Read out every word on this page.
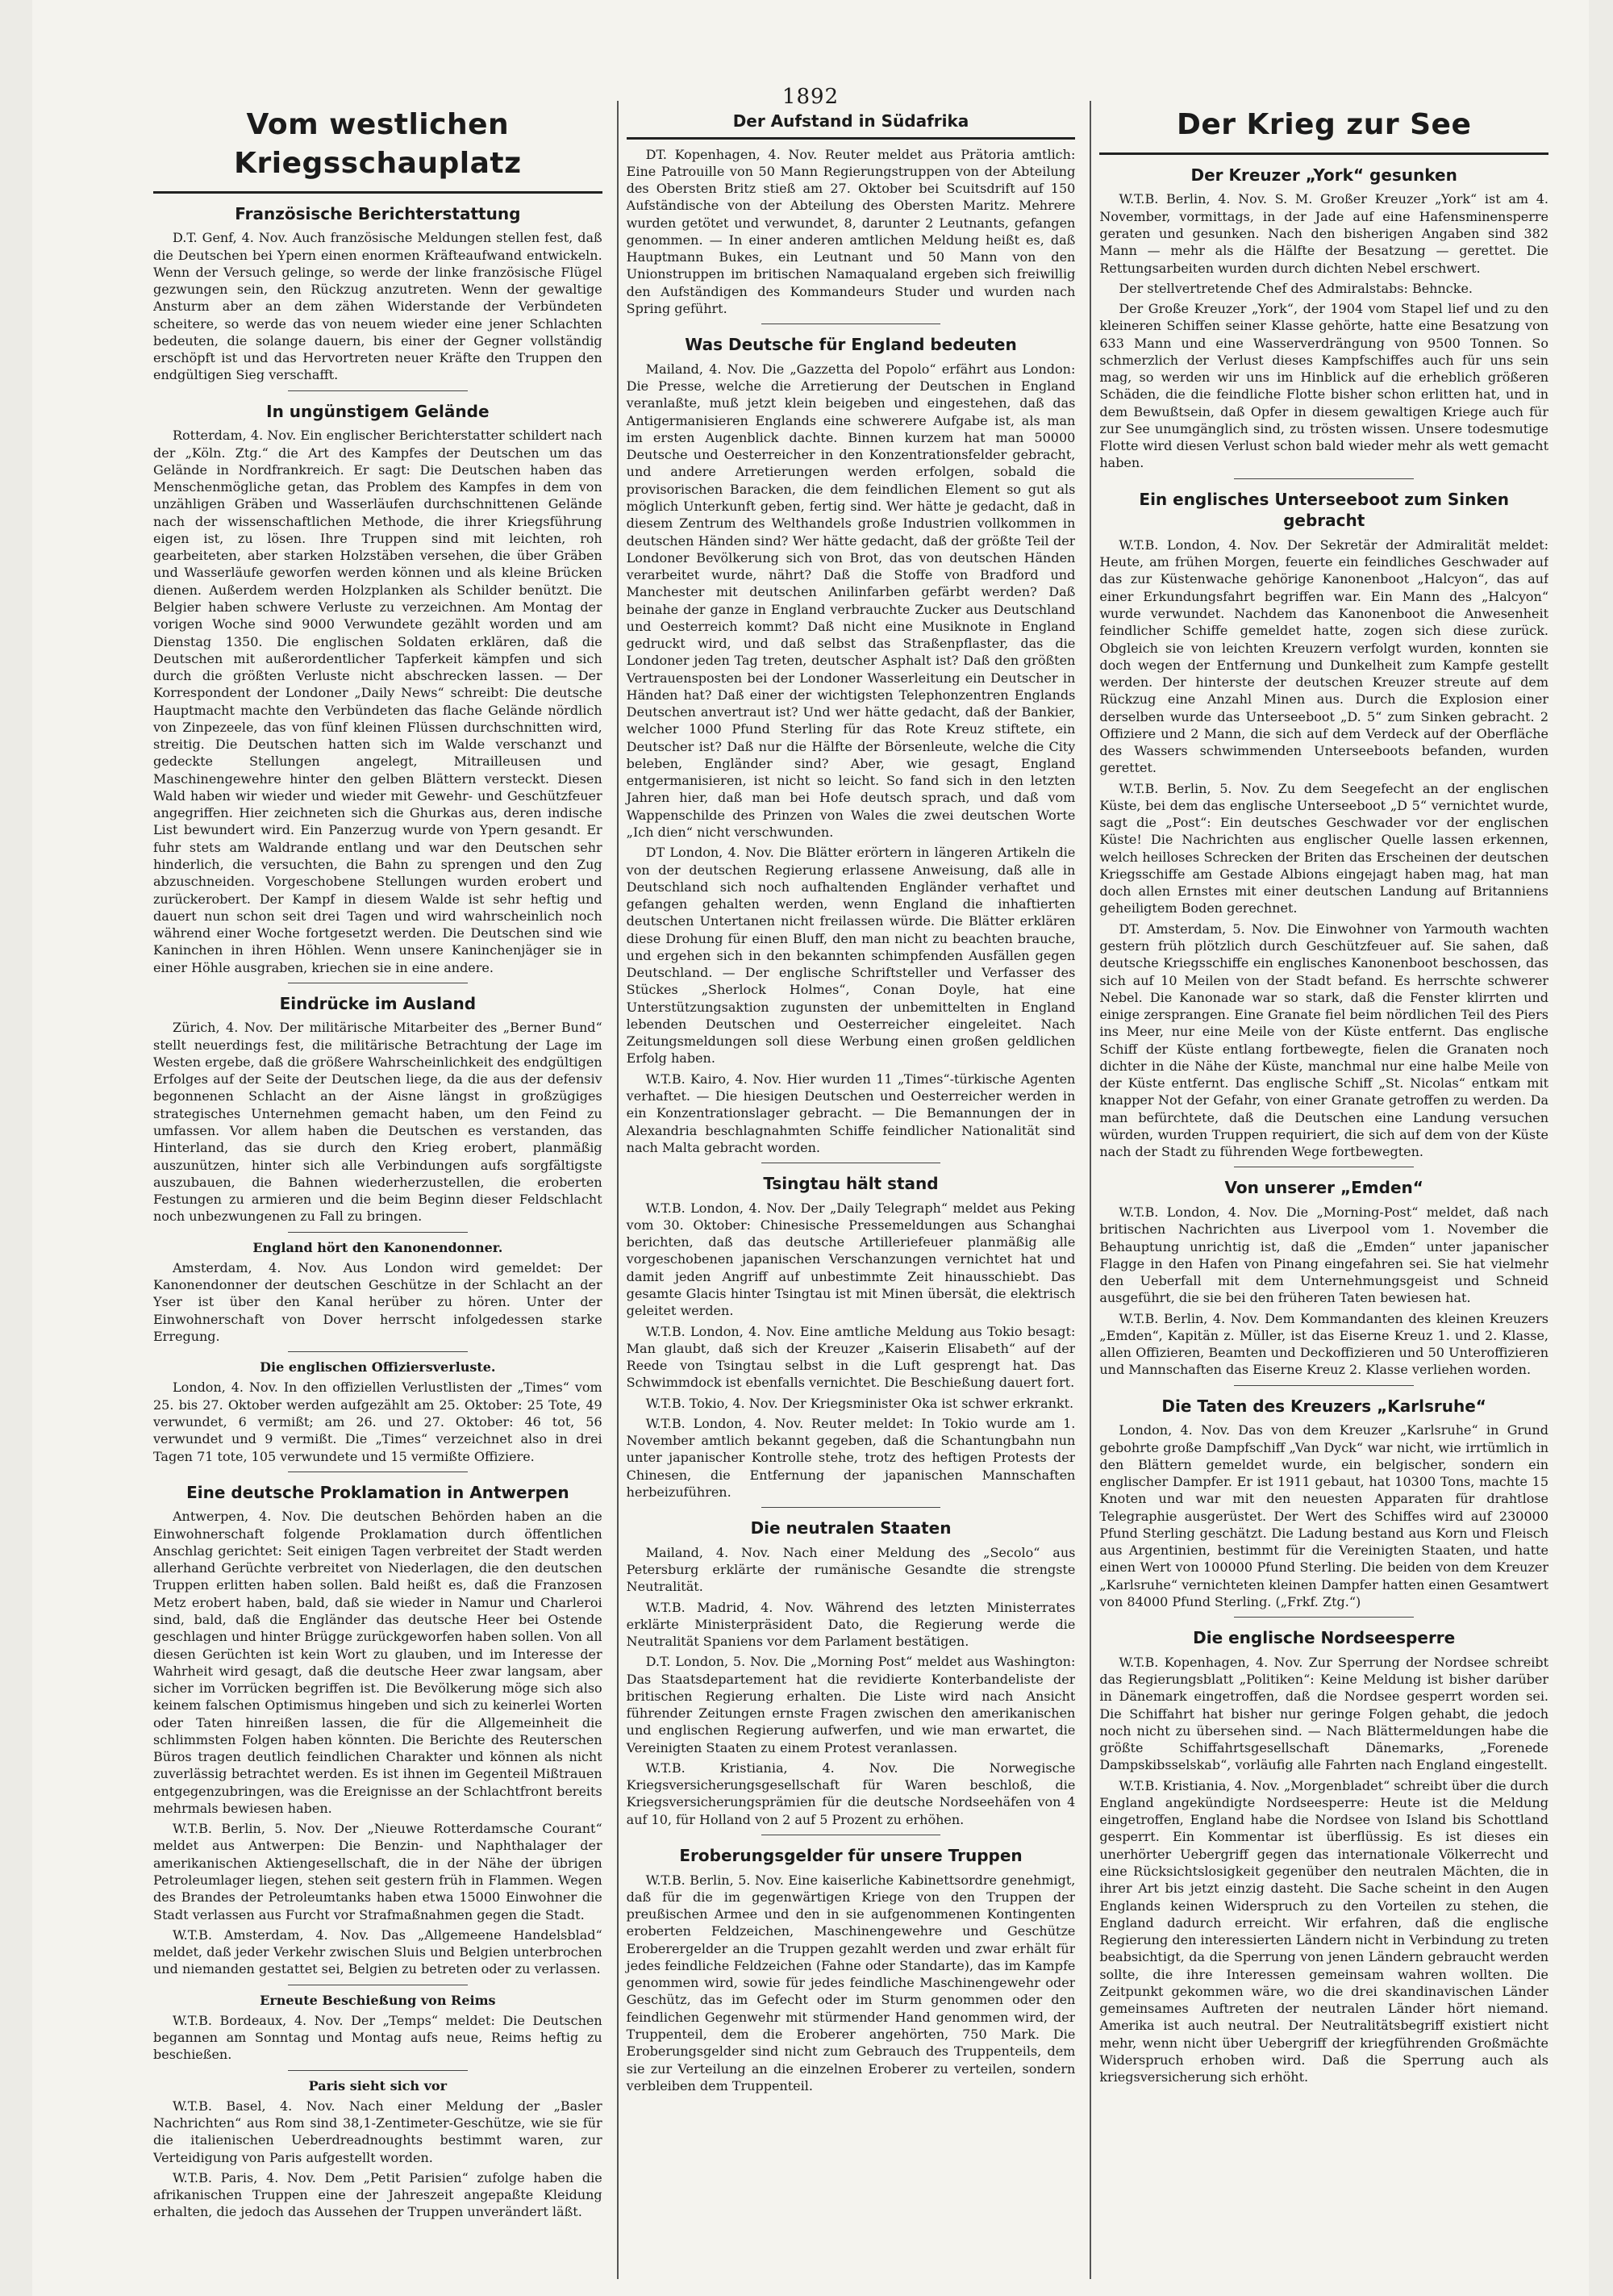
1892
Vom westlichen Kriegsschauplatz
Französische Berichterstattung

D.T. Genf, 4. Nov. Auch französische Meldungen stellen fest, daß die Deutschen bei Ypern einen enormen Kräfteaufwand entwickeln. Wenn der Versuch gelinge, so werde der linke französische Flügel gezwungen sein, den Rückzug anzutreten. Wenn der gewaltige Ansturm aber an dem zähen Widerstande der Verbündeten scheitere, so werde das von neuem wieder eine jener Schlachten bedeuten, die solange dauern, bis einer der Gegner vollständig erschöpft ist und das Hervortreten neuer Kräfte den Truppen den endgültigen Sieg verschafft.

In ungünstigem Gelände

Rotterdam, 4. Nov. Ein englischer Berichterstatter schildert nach der „Köln. Ztg.“ die Art des Kampfes der Deutschen um das Gelände in Nordfrankreich. Er sagt: Die Deutschen haben das Menschenmögliche getan, das Problem des Kampfes in dem von unzähligen Gräben und Wasserläufen durchschnittenen Gelände nach der wissenschaftlichen Methode, die ihrer Kriegsführung eigen ist, zu lösen. Ihre Truppen sind mit leichten, roh gearbeiteten, aber starken Holzstäben versehen, die über Gräben und Wasserläufe geworfen werden können und als kleine Brücken dienen. Außerdem werden Holzplanken als Schilder benützt. Die Belgier haben schwere Verluste zu verzeichnen. Am Montag der vorigen Woche sind 9000 Verwundete gezählt worden und am Dienstag 1350. Die englischen Soldaten erklären, daß die Deutschen mit außerordentlicher Tapferkeit kämpfen und sich durch die größten Verluste nicht abschrecken lassen. — Der Korrespondent der Londoner „Daily News“ schreibt: Die deutsche Hauptmacht machte den Verbündeten das flache Gelände nördlich von Zinpezeele, das von fünf kleinen Flüssen durchschnitten wird, streitig. Die Deutschen hatten sich im Walde verschanzt und gedeckte Stellungen angelegt, Mitrailleusen und Maschinengewehre hinter den gelben Blättern versteckt. Diesen Wald haben wir wieder und wieder mit Gewehr- und Geschützfeuer angegriffen. Hier zeichneten sich die Ghurkas aus, deren indische List bewundert wird. Ein Panzerzug wurde von Ypern gesandt. Er fuhr stets am Waldrande entlang und war den Deutschen sehr hinderlich, die versuchten, die Bahn zu sprengen und den Zug abzuschneiden. Vorgeschobene Stellungen wurden erobert und zurückerobert. Der Kampf in diesem Walde ist sehr heftig und dauert nun schon seit drei Tagen und wird wahrscheinlich noch während einer Woche fortgesetzt werden. Die Deutschen sind wie Kaninchen in ihren Höhlen. Wenn unsere Kaninchenjäger sie in einer Höhle ausgraben, kriechen sie in eine andere.

Eindrücke im Ausland

Zürich, 4. Nov. Der militärische Mitarbeiter des „Berner Bund“ stellt neuerdings fest, die militärische Betrachtung der Lage im Westen ergebe, daß die größere Wahrscheinlichkeit des endgültigen Erfolges auf der Seite der Deutschen liege, da die aus der defensiv begonnenen Schlacht an der Aisne längst in großzügiges strategisches Unternehmen gemacht haben, um den Feind zu umfassen. Vor allem haben die Deutschen es verstanden, das Hinterland, das sie durch den Krieg erobert, planmäßig auszunützen, hinter sich alle Verbindungen aufs sorgfältigste auszubauen, die Bahnen wiederherzustellen, die eroberten Festungen zu armieren und die beim Beginn dieser Feldschlacht noch unbezwungenen zu Fall zu bringen.

England hört den Kanonendonner.

Amsterdam, 4. Nov. Aus London wird gemeldet: Der Kanonendonner der deutschen Geschütze in der Schlacht an der Yser ist über den Kanal herüber zu hören. Unter der Einwohnerschaft von Dover herrscht infolgedessen starke Erregung.

Die englischen Offiziersverluste.

London, 4. Nov. In den offiziellen Verlustlisten der „Times“ vom 25. bis 27. Oktober werden aufgezählt am 25. Oktober: 25 Tote, 49 verwundet, 6 vermißt; am 26. und 27. Oktober: 46 tot, 56 verwundet und 9 vermißt. Die „Times“ verzeichnet also in drei Tagen 71 tote, 105 verwundete und 15 vermißte Offiziere.

Eine deutsche Proklamation in Antwerpen

Antwerpen, 4. Nov. Die deutschen Behörden haben an die Einwohnerschaft folgende Proklamation durch öffentlichen Anschlag gerichtet: Seit einigen Tagen verbreitet der Stadt werden allerhand Gerüchte verbreitet von Niederlagen, die den deutschen Truppen erlitten haben sollen. Bald heißt es, daß die Franzosen Metz erobert haben, bald, daß sie wieder in Namur und Charleroi sind, bald, daß die Engländer das deutsche Heer bei Ostende geschlagen und hinter Brügge zurückgeworfen haben sollen. Von all diesen Gerüchten ist kein Wort zu glauben, und im Interesse der Wahrheit wird gesagt, daß die deutsche Heer zwar langsam, aber sicher im Vorrücken begriffen ist. Die Bevölkerung möge sich also keinem falschen Optimismus hingeben und sich zu keinerlei Worten oder Taten hinreißen lassen, die für die Allgemeinheit die schlimmsten Folgen haben könnten. Die Berichte des Reuterschen Büros tragen deutlich feindlichen Charakter und können als nicht zuverlässig betrachtet werden. Es ist ihnen im Gegenteil Mißtrauen entgegenzubringen, was die Ereignisse an der Schlachtfront bereits mehrmals bewiesen haben.

W.T.B. Berlin, 5. Nov. Der „Nieuwe Rotterdamsche Courant“ meldet aus Antwerpen: Die Benzin- und Naphthalager der amerikanischen Aktiengesellschaft, die in der Nähe der übrigen Petroleumlager liegen, stehen seit gestern früh in Flammen. Wegen des Brandes der Petroleumtanks haben etwa 15000 Einwohner die Stadt verlassen aus Furcht vor Strafmaßnahmen gegen die Stadt.

W.T.B. Amsterdam, 4. Nov. Das „Allgemeene Handelsblad“ meldet, daß jeder Verkehr zwischen Sluis und Belgien unterbrochen und niemanden gestattet sei, Belgien zu betreten oder zu verlassen.

Erneute Beschießung von Reims

W.T.B. Bordeaux, 4. Nov. Der „Temps“ meldet: Die Deutschen begannen am Sonntag und Montag aufs neue, Reims heftig zu beschießen.

Paris sieht sich vor

W.T.B. Basel, 4. Nov. Nach einer Meldung der „Basler Nachrichten“ aus Rom sind 38,1-Zentimeter-Geschütze, wie sie für die italienischen Ueberdreadnoughts bestimmt waren, zur Verteidigung von Paris aufgestellt worden.

W.T.B. Paris, 4. Nov. Dem „Petit Parisien“ zufolge haben die afrikanischen Truppen eine der Jahreszeit angepaßte Kleidung erhalten, die jedoch das Aussehen der Truppen unverändert läßt.

Der Aufstand in Südafrika

DT. Kopenhagen, 4. Nov. Reuter meldet aus Prätoria amtlich: Eine Patrouille von 50 Mann Regierungstruppen von der Abteilung des Obersten Britz stieß am 27. Oktober bei Scuitsdrift auf 150 Aufständische von der Abteilung des Obersten Maritz. Mehrere wurden getötet und verwundet, 8, darunter 2 Leutnants, gefangen genommen. — In einer anderen amtlichen Meldung heißt es, daß Hauptmann Bukes, ein Leutnant und 50 Mann von den Unionstruppen im britischen Namaqualand ergeben sich freiwillig den Aufständigen des Kommandeurs Studer und wurden nach Spring geführt.

Was Deutsche für England bedeuten

Mailand, 4. Nov. Die „Gazzetta del Popolo“ erfährt aus London: Die Presse, welche die Arretierung der Deutschen in England veranlaßte, muß jetzt klein beigeben und eingestehen, daß das Antigermanisieren Englands eine schwerere Aufgabe ist, als man im ersten Augenblick dachte. Binnen kurzem hat man 50000 Deutsche und Oesterreicher in den Konzentrationsfelder gebracht, und andere Arretierungen werden erfolgen, sobald die provisorischen Baracken, die dem feindlichen Element so gut als möglich Unterkunft geben, fertig sind. Wer hätte je gedacht, daß in diesem Zentrum des Welthandels große Industrien vollkommen in deutschen Händen sind? Wer hätte gedacht, daß der größte Teil der Londoner Bevölkerung sich von Brot, das von deutschen Händen verarbeitet wurde, nährt? Daß die Stoffe von Bradford und Manchester mit deutschen Anilinfarben gefärbt werden? Daß beinahe der ganze in England verbrauchte Zucker aus Deutschland und Oesterreich kommt? Daß nicht eine Musiknote in England gedruckt wird, und daß selbst das Straßenpflaster, das die Londoner jeden Tag treten, deutscher Asphalt ist? Daß den größten Vertrauensposten bei der Londoner Wasserleitung ein Deutscher in Händen hat? Daß einer der wichtigsten Telephonzentren Englands Deutschen anvertraut ist? Und wer hätte gedacht, daß der Bankier, welcher 1000 Pfund Sterling für das Rote Kreuz stiftete, ein Deutscher ist? Daß nur die Hälfte der Börsenleute, welche die City beleben, Engländer sind? Aber, wie gesagt, England entgermanisieren, ist nicht so leicht. So fand sich in den letzten Jahren hier, daß man bei Hofe deutsch sprach, und daß vom Wappenschilde des Prinzen von Wales die zwei deutschen Worte „Ich dien“ nicht verschwunden.

DT London, 4. Nov. Die Blätter erörtern in längeren Artikeln die von der deutschen Regierung erlassene Anweisung, daß alle in Deutschland sich noch aufhaltenden Engländer verhaftet und gefangen gehalten werden, wenn England die inhaftierten deutschen Untertanen nicht freilassen würde. Die Blätter erklären diese Drohung für einen Bluff, den man nicht zu beachten brauche, und ergehen sich in den bekannten schimpfenden Ausfällen gegen Deutschland. — Der englische Schriftsteller und Verfasser des Stückes „Sherlock Holmes“, Conan Doyle, hat eine Unterstützungsaktion zugunsten der unbemittelten in England lebenden Deutschen und Oesterreicher eingeleitet. Nach Zeitungsmeldungen soll diese Werbung einen großen geldlichen Erfolg haben.

W.T.B. Kairo, 4. Nov. Hier wurden 11 „Times“-türkische Agenten verhaftet. — Die hiesigen Deutschen und Oesterreicher werden in ein Konzentrationslager gebracht. — Die Bemannungen der in Alexandria beschlagnahmten Schiffe feindlicher Nationalität sind nach Malta gebracht worden.

Tsingtau hält stand

W.T.B. London, 4. Nov. Der „Daily Telegraph“ meldet aus Peking vom 30. Oktober: Chinesische Pressemeldungen aus Schanghai berichten, daß das deutsche Artilleriefeuer planmäßig alle vorgeschobenen japanischen Verschanzungen vernichtet hat und damit jeden Angriff auf unbestimmte Zeit hinausschiebt. Das gesamte Glacis hinter Tsingtau ist mit Minen übersät, die elektrisch geleitet werden.

W.T.B. London, 4. Nov. Eine amtliche Meldung aus Tokio besagt: Man glaubt, daß sich der Kreuzer „Kaiserin Elisabeth“ auf der Reede von Tsingtau selbst in die Luft gesprengt hat. Das Schwimmdock ist ebenfalls vernichtet. Die Beschießung dauert fort.

W.T.B. Tokio, 4. Nov. Der Kriegsminister Oka ist schwer erkrankt.

W.T.B. London, 4. Nov. Reuter meldet: In Tokio wurde am 1. November amtlich bekannt gegeben, daß die Schantungbahn nun unter japanischer Kontrolle stehe, trotz des heftigen Protests der Chinesen, die Entfernung der japanischen Mannschaften herbeizuführen.

Die neutralen Staaten

Mailand, 4. Nov. Nach einer Meldung des „Secolo“ aus Petersburg erklärte der rumänische Gesandte die strengste Neutralität.

W.T.B. Madrid, 4. Nov. Während des letzten Ministerrates erklärte Ministerpräsident Dato, die Regierung werde die Neutralität Spaniens vor dem Parlament bestätigen.

D.T. London, 5. Nov. Die „Morning Post“ meldet aus Washington: Das Staatsdepartement hat die revidierte Konterbandeliste der britischen Regierung erhalten. Die Liste wird nach Ansicht führender Zeitungen ernste Fragen zwischen den amerikanischen und englischen Regierung aufwerfen, und wie man erwartet, die Vereinigten Staaten zu einem Protest veranlassen.

W.T.B. Kristiania, 4. Nov. Die Norwegische Kriegsversicherungsgesellschaft für Waren beschloß, die Kriegsversicherungsprämien für die deutsche Nordseehäfen von 4 auf 10, für Holland von 2 auf 5 Prozent zu erhöhen.

Eroberungsgelder für unsere Truppen

W.T.B. Berlin, 5. Nov. Eine kaiserliche Kabinettsordre genehmigt, daß für die im gegenwärtigen Kriege von den Truppen der preußischen Armee und den in sie aufgenommenen Kontingenten eroberten Feldzeichen, Maschinengewehre und Geschütze Eroberergelder an die Truppen gezahlt werden und zwar erhält für jedes feindliche Feldzeichen (Fahne oder Standarte), das im Kampfe genommen wird, sowie für jedes feindliche Maschinengewehr oder Geschütz, das im Gefecht oder im Sturm genommen oder den feindlichen Gegenwehr mit stürmender Hand genommen wird, der Truppenteil, dem die Eroberer angehörten, 750 Mark. Die Eroberungsgelder sind nicht zum Gebrauch des Truppenteils, dem sie zur Verteilung an die einzelnen Eroberer zu verteilen, sondern verbleiben dem Truppenteil.

Der Krieg zur See
Der Kreuzer „York“ gesunken

W.T.B. Berlin, 4. Nov. S. M. Großer Kreuzer „York“ ist am 4. November, vormittags, in der Jade auf eine Hafensminensperre geraten und gesunken. Nach den bisherigen Angaben sind 382 Mann — mehr als die Hälfte der Besatzung — gerettet. Die Rettungsarbeiten wurden durch dichten Nebel erschwert.

Der stellvertretende Chef des Admiralstabs: Behncke.

Der Große Kreuzer „York“, der 1904 vom Stapel lief und zu den kleineren Schiffen seiner Klasse gehörte, hatte eine Besatzung von 633 Mann und eine Wasserverdrängung von 9500 Tonnen. So schmerzlich der Verlust dieses Kampfschiffes auch für uns sein mag, so werden wir uns im Hinblick auf die erheblich größeren Schäden, die die feindliche Flotte bisher schon erlitten hat, und in dem Bewußtsein, daß Opfer in diesem gewaltigen Kriege auch für zur See unumgänglich sind, zu trösten wissen. Unsere todesmutige Flotte wird diesen Verlust schon bald wieder mehr als wett gemacht haben.

Ein englisches Unterseeboot zum Sinken gebracht

W.T.B. London, 4. Nov. Der Sekretär der Admiralität meldet: Heute, am frühen Morgen, feuerte ein feindliches Geschwader auf das zur Küstenwache gehörige Kanonenboot „Halcyon“, das auf einer Erkundungsfahrt begriffen war. Ein Mann des „Halcyon“ wurde verwundet. Nachdem das Kanonenboot die Anwesenheit feindlicher Schiffe gemeldet hatte, zogen sich diese zurück. Obgleich sie von leichten Kreuzern verfolgt wurden, konnten sie doch wegen der Entfernung und Dunkelheit zum Kampfe gestellt werden. Der hinterste der deutschen Kreuzer streute auf dem Rückzug eine Anzahl Minen aus. Durch die Explosion einer derselben wurde das Unterseeboot „D. 5“ zum Sinken gebracht. 2 Offiziere und 2 Mann, die sich auf dem Verdeck auf der Oberfläche des Wassers schwimmenden Unterseeboots befanden, wurden gerettet.

W.T.B. Berlin, 5. Nov. Zu dem Seegefecht an der englischen Küste, bei dem das englische Unterseeboot „D 5“ vernichtet wurde, sagt die „Post“: Ein deutsches Geschwader vor der englischen Küste! Die Nachrichten aus englischer Quelle lassen erkennen, welch heilloses Schrecken der Briten das Erscheinen der deutschen Kriegsschiffe am Gestade Albions eingejagt haben mag, hat man doch allen Ernstes mit einer deutschen Landung auf Britanniens geheiligtem Boden gerechnet.

DT. Amsterdam, 5. Nov. Die Einwohner von Yarmouth wachten gestern früh plötzlich durch Geschützfeuer auf. Sie sahen, daß deutsche Kriegsschiffe ein englisches Kanonenboot beschossen, das sich auf 10 Meilen von der Stadt befand. Es herrschte schwerer Nebel. Die Kanonade war so stark, daß die Fenster klirrten und einige zersprangen. Eine Granate fiel beim nördlichen Teil des Piers ins Meer, nur eine Meile von der Küste entfernt. Das englische Schiff der Küste entlang fortbewegte, fielen die Granaten noch dichter in die Nähe der Küste, manchmal nur eine halbe Meile von der Küste entfernt. Das englische Schiff „St. Nicolas“ entkam mit knapper Not der Gefahr, von einer Granate getroffen zu werden. Da man befürchtete, daß die Deutschen eine Landung versuchen würden, wurden Truppen requiriert, die sich auf dem von der Küste nach der Stadt zu führenden Wege fortbewegten.

Von unserer „Emden“

W.T.B. London, 4. Nov. Die „Morning-Post“ meldet, daß nach britischen Nachrichten aus Liverpool vom 1. November die Behauptung unrichtig ist, daß die „Emden“ unter japanischer Flagge in den Hafen von Pinang eingefahren sei. Sie hat vielmehr den Ueberfall mit dem Unternehmungsgeist und Schneid ausgeführt, die sie bei den früheren Taten bewiesen hat.

W.T.B. Berlin, 4. Nov. Dem Kommandanten des kleinen Kreuzers „Emden“, Kapitän z. Müller, ist das Eiserne Kreuz 1. und 2. Klasse, allen Offizieren, Beamten und Deckoffizieren und 50 Unteroffizieren und Mannschaften das Eiserne Kreuz 2. Klasse verliehen worden.

Die Taten des Kreuzers „Karlsruhe“

London, 4. Nov. Das von dem Kreuzer „Karlsruhe“ in Grund gebohrte große Dampfschiff „Van Dyck“ war nicht, wie irrtümlich in den Blättern gemeldet wurde, ein belgischer, sondern ein englischer Dampfer. Er ist 1911 gebaut, hat 10300 Tons, machte 15 Knoten und war mit den neuesten Apparaten für drahtlose Telegraphie ausgerüstet. Der Wert des Schiffes wird auf 230000 Pfund Sterling geschätzt. Die Ladung bestand aus Korn und Fleisch aus Argentinien, bestimmt für die Vereinigten Staaten, und hatte einen Wert von 100000 Pfund Sterling. Die beiden von dem Kreuzer „Karlsruhe“ vernichteten kleinen Dampfer hatten einen Gesamtwert von 84000 Pfund Sterling. („Frkf. Ztg.“)

Die englische Nordseesperre

W.T.B. Kopenhagen, 4. Nov. Zur Sperrung der Nordsee schreibt das Regierungsblatt „Politiken“: Keine Meldung ist bisher darüber in Dänemark eingetroffen, daß die Nordsee gesperrt worden sei. Die Schiffahrt hat bisher nur geringe Folgen gehabt, die jedoch noch nicht zu übersehen sind. — Nach Blättermeldungen habe die größte Schiffahrtsgesellschaft Dänemarks, „Forenede Dampskibsselskab“, vorläufig alle Fahrten nach England eingestellt.

W.T.B. Kristiania, 4. Nov. „Morgenbladet“ schreibt über die durch England angekündigte Nordseesperre: Heute ist die Meldung eingetroffen, England habe die Nordsee von Island bis Schottland gesperrt. Ein Kommentar ist überflüssig. Es ist dieses ein unerhörter Uebergriff gegen das internationale Völkerrecht und eine Rücksichtslosigkeit gegenüber den neutralen Mächten, die in ihrer Art bis jetzt einzig dasteht. Die Sache scheint in den Augen Englands keinen Widerspruch zu den Vorteilen zu stehen, die England dadurch erreicht. Wir erfahren, daß die englische Regierung den interessierten Ländern nicht in Verbindung zu treten beabsichtigt, da die Sperrung von jenen Ländern gebraucht werden sollte, die ihre Interessen gemeinsam wahren wollten. Die Zeitpunkt gekommen wäre, wo die drei skandinavischen Länder gemeinsames Auftreten der neutralen Länder hört niemand. Amerika ist auch neutral. Der Neutralitätsbegriff existiert nicht mehr, wenn nicht über Uebergriff der kriegführenden Großmächte Widerspruch erhoben wird. Daß die Sperrung auch als kriegsversicherung sich erhöht.
